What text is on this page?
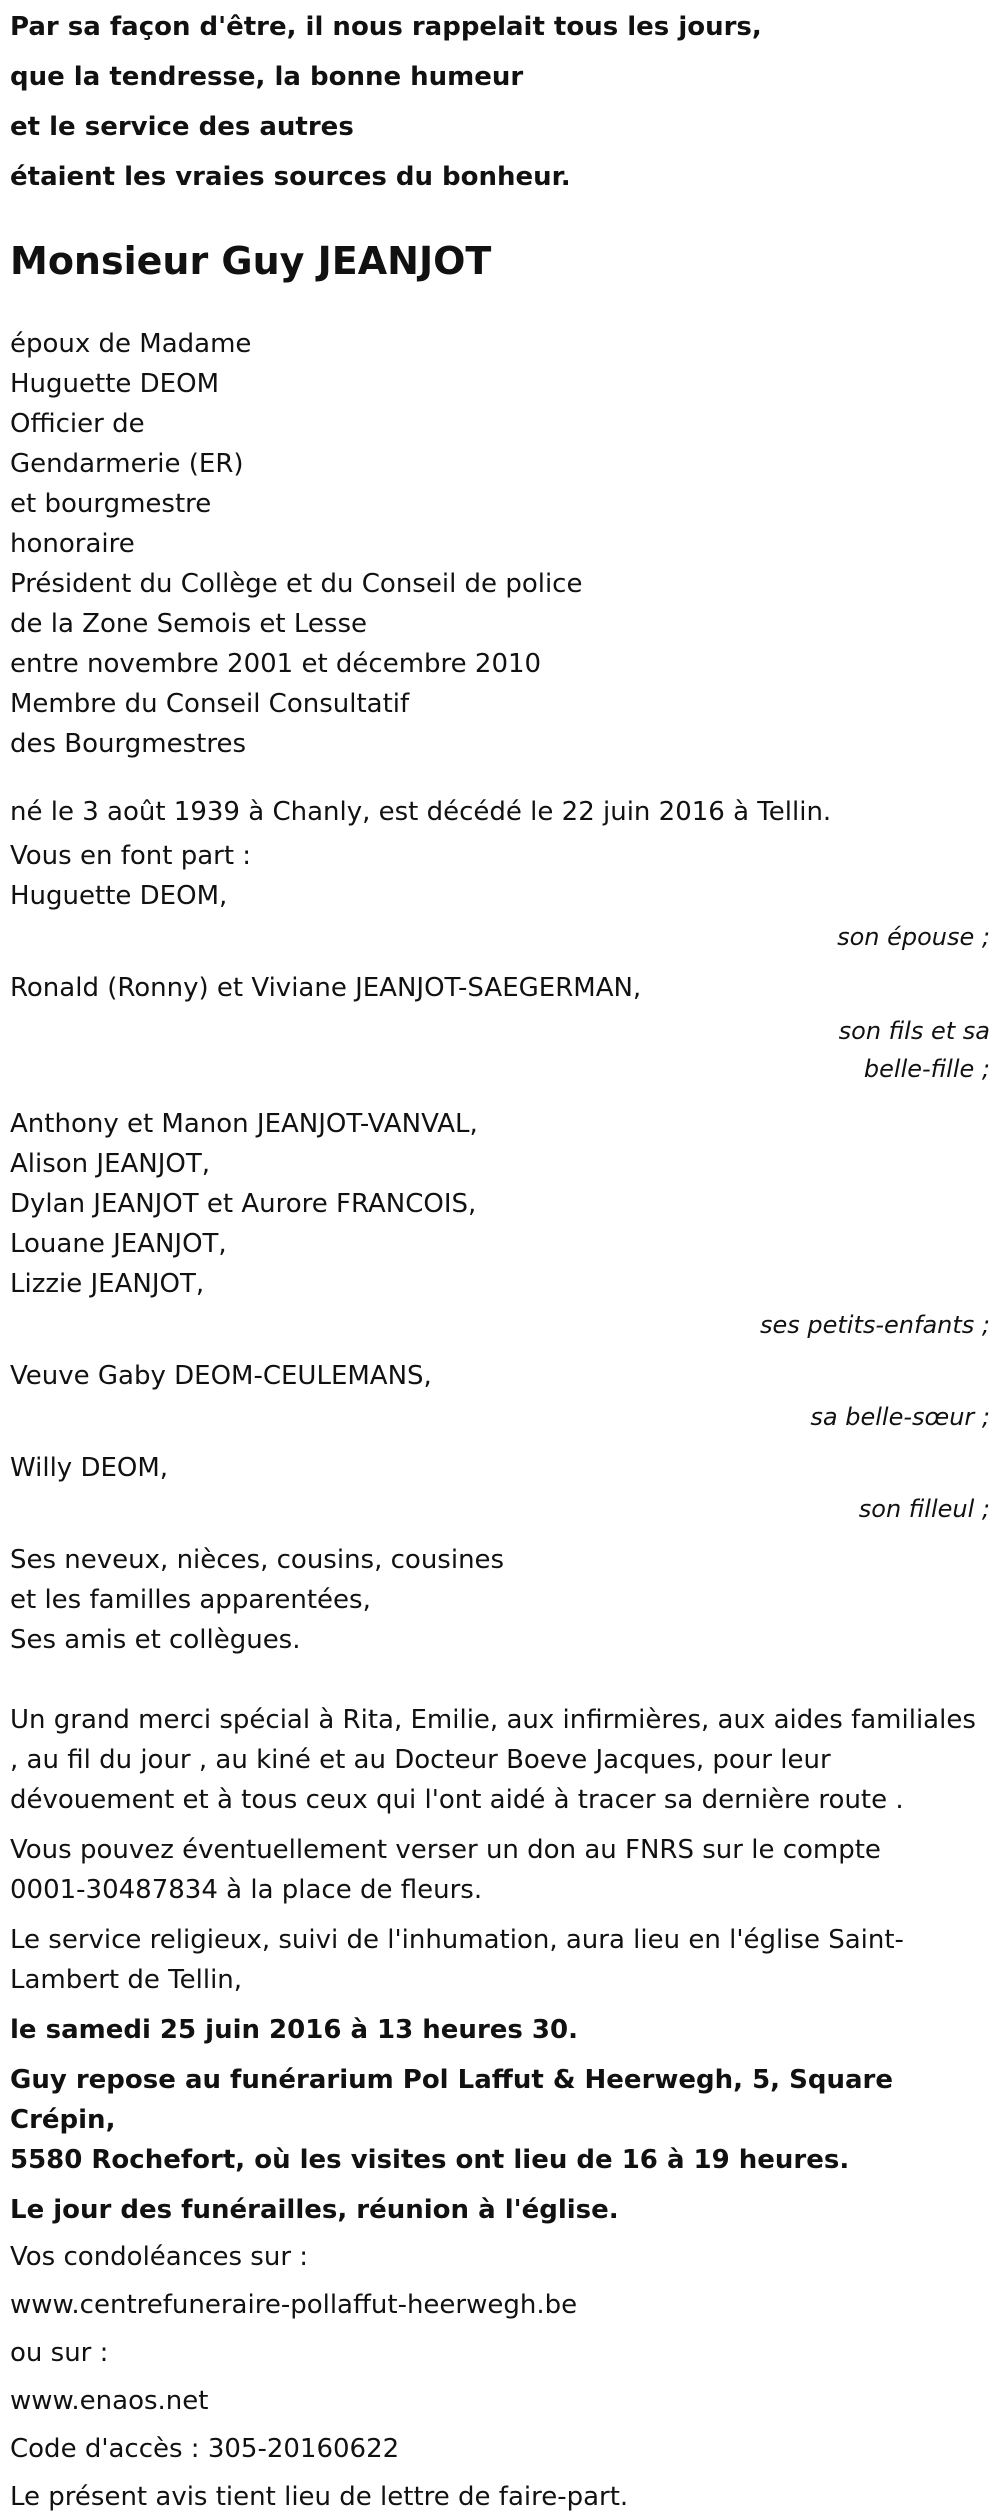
Par sa façon d'être, il nous rappelait tous les jours,
que la tendresse, la bonne humeur
et le service des autres
étaient les vraies sources du bonheur.
Monsieur Guy JEANJOT
époux de Madame
Huguette DEOM
Officier de
Gendarmerie (ER)
et bourgmestre
honoraire
Président du Collège et du Conseil de police
de la Zone Semois et Lesse
entre novembre 2001 et décembre 2010
Membre du Conseil Consultatif
des Bourgmestres
né le 3 août 1939 à Chanly, est décédé le 22 juin 2016 à Tellin.
Vous en font part :
Huguette DEOM,
son épouse ;
Ronald (Ronny) et Viviane JEANJOT-SAEGERMAN,
son fils et sa
belle-fille ;
Anthony et Manon JEANJOT-VANVAL,
Alison JEANJOT,
Dylan JEANJOT et Aurore FRANCOIS,
Louane JEANJOT,
Lizzie JEANJOT,
ses petits-enfants ;
Veuve Gaby DEOM-CEULEMANS,
sa belle-sœur ;
Willy DEOM,
son filleul ;
Ses neveux, nièces, cousins, cousines
et les familles apparentées,
Ses amis et collègues.
Un grand merci spécial à Rita, Emilie, aux infirmières, aux aides familiales
, au fil du jour , au kiné et au Docteur Boeve Jacques, pour leur
dévouement et à tous ceux qui l'ont aidé à tracer sa dernière route .
Vous pouvez éventuellement verser un don au FNRS sur le compte
0001-30487834 à la place de fleurs.
Le service religieux, suivi de l'inhumation, aura lieu en l'église Saint-
Lambert de Tellin,
le samedi 25 juin 2016 à 13 heures 30.
Guy repose au funérarium Pol Laffut & Heerwegh, 5, Square Crépin,
5580 Rochefort, où les visites ont lieu de 16 à 19 heures.
Le jour des funérailles, réunion à l'église.
Vos condoléances sur :
www.centrefuneraire-pollaffut-heerwegh.be
ou sur :
www.enaos.net
Code d'accès : 305-20160622
Le présent avis tient lieu de lettre de faire-part.
